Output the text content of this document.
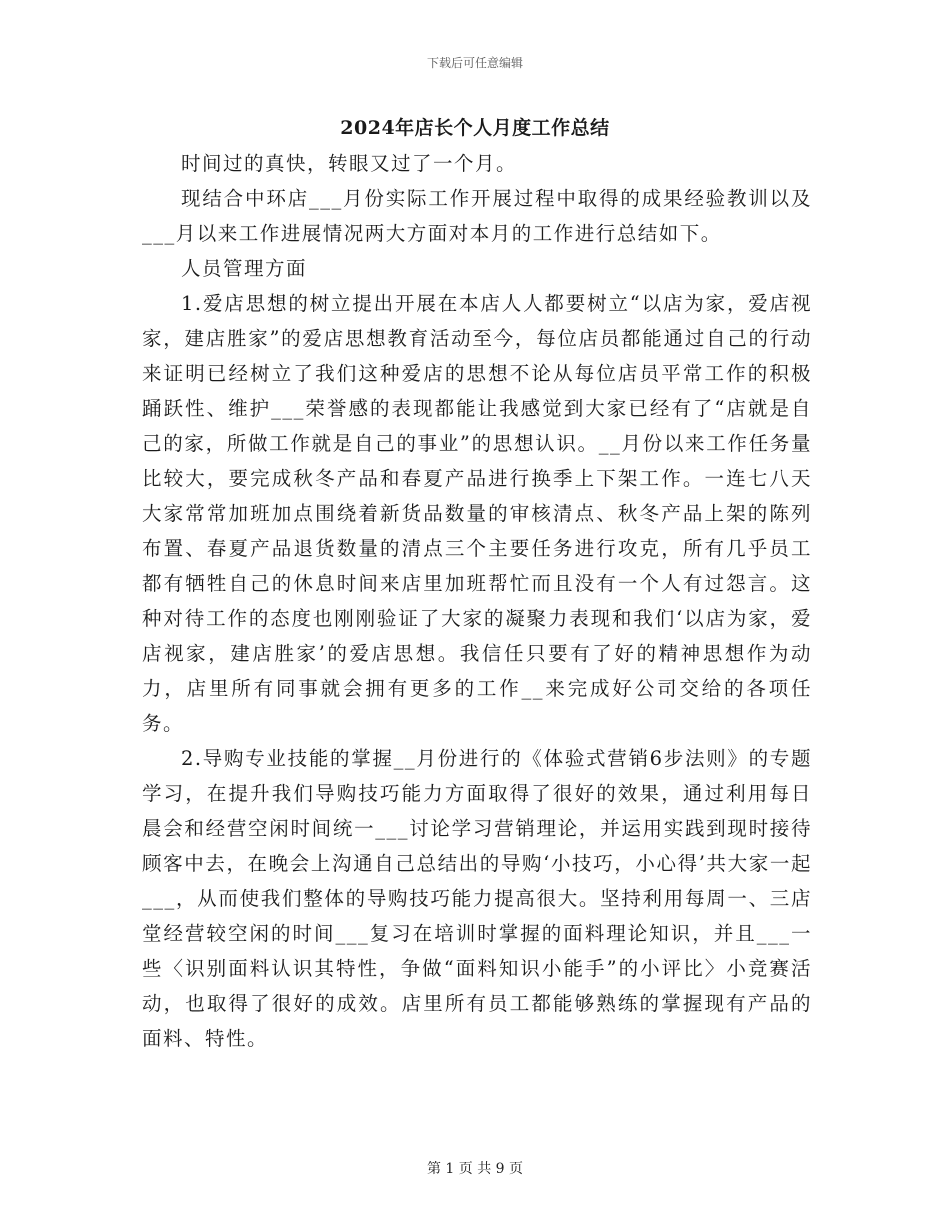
下载后可任意编辑
2024年店长个人月度工作总结

时间过的真快，转眼又过了一个月。

现结合中环店___月份实际工作开展过程中取得的成果经验教训以及___月以来工作进展情况两大方面对本月的工作进行总结如下。

人员管理方面

1.爱店思想的树立提出开展在本店人人都要树立“以店为家，爱店视家，建店胜家”的爱店思想教育活动至今，每位店员都能通过自己的行动来证明已经树立了我们这种爱店的思想不论从每位店员平常工作的积极踊跃性、维护___荣誉感的表现都能让我感觉到大家已经有了“店就是自己的家，所做工作就是自己的事业”的思想认识。__月份以来工作任务量比较大，要完成秋冬产品和春夏产品进行换季上下架工作。一连七八天大家常常加班加点围绕着新货品数量的审核清点、秋冬产品上架的陈列布置、春夏产品退货数量的清点三个主要任务进行攻克，所有几乎员工都有牺牲自己的休息时间来店里加班帮忙而且没有一个人有过怨言。这种对待工作的态度也刚刚验证了大家的凝聚力表现和我们‘以店为家，爱店视家，建店胜家’的爱店思想。我信任只要有了好的精神思想作为动力，店里所有同事就会拥有更多的工作__来完成好公司交给的各项任务。

2.导购专业技能的掌握__月份进行的《体验式营销6步法则》的专题学习，在提升我们导购技巧能力方面取得了很好的效果，通过利用每日晨会和经营空闲时间统一___讨论学习营销理论，并运用实践到现时接待顾客中去，在晚会上沟通自己总结出的导购‘小技巧，小心得’共大家一起___，从而使我们整体的导购技巧能力提高很大。坚持利用每周一、三店堂经营较空闲的时间___复习在培训时掌握的面料理论知识，并且___一些〈识别面料认识其特性，争做“面料知识小能手”的小评比〉小竞赛活动，也取得了很好的成效。店里所有员工都能够熟练的掌握现有产品的面料、特性。

第 1 页 共 9 页
